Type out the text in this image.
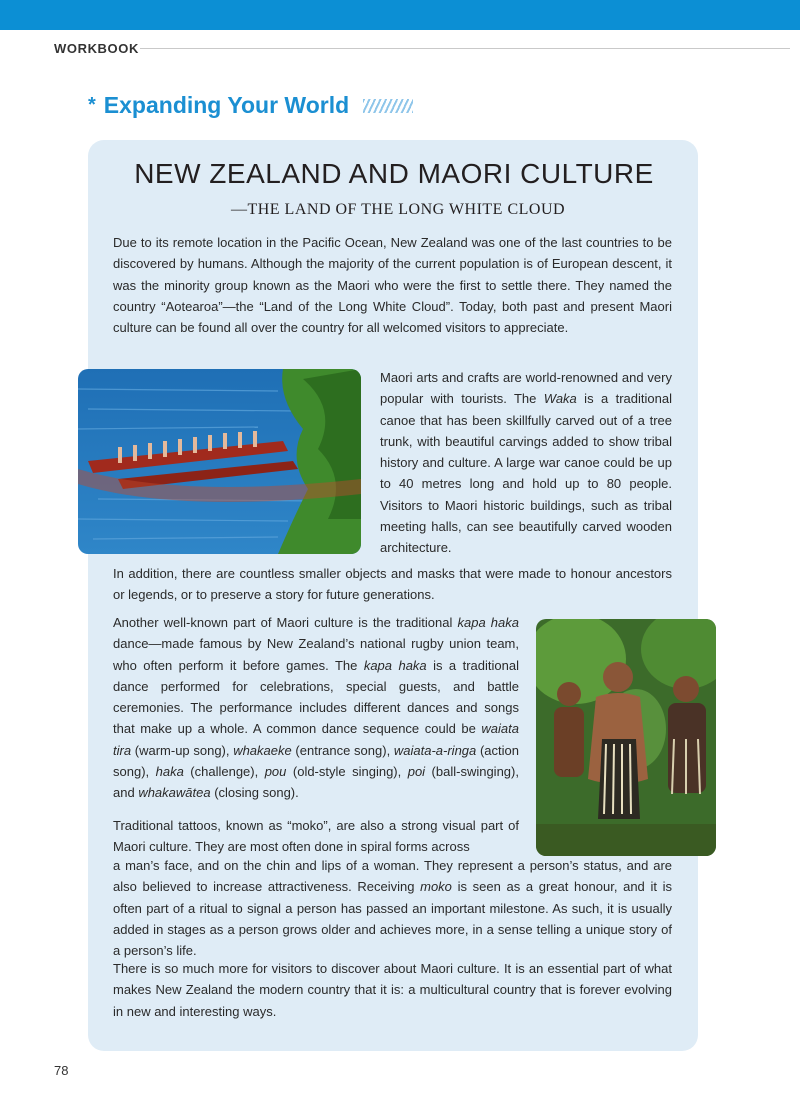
WORKBOOK
* Expanding Your World
NEW ZEALAND AND MAORI CULTURE
—THE LAND OF THE LONG WHITE CLOUD
Due to its remote location in the Pacific Ocean, New Zealand was one of the last countries to be discovered by humans. Although the majority of the current population is of European descent, it was the minority group known as the Maori who were the first to settle there. They named the country “Aotearoa”—the “Land of the Long White Cloud”. Today, both past and present Maori culture can be found all over the country for all welcomed visitors to appreciate.
Maori arts and crafts are world-renowned and very popular with tourists. The Waka is a traditional canoe that has been skillfully carved out of a tree trunk, with beautiful carvings added to show tribal history and culture. A large war canoe could be up to 40 metres long and hold up to 80 people. Visitors to Maori historic buildings, such as tribal meeting halls, can see beautifully carved wooden architecture.
In addition, there are countless smaller objects and masks that were made to honour ancestors or legends, or to preserve a story for future generations.
Another well-known part of Maori culture is the traditional kapa haka dance—made famous by New Zealand’s national rugby union team, who often perform it before games. The kapa haka is a traditional dance performed for celebrations, special guests, and battle ceremonies. The performance includes different dances and songs that make up a whole. A common dance sequence could be waiata tira (warm-up song), whakaeke (entrance song), waiata-a-ringa (action song), haka (challenge), pou (old-style singing), poi (ball-swinging), and whakawātea (closing song).
Traditional tattoos, known as “moko”, are also a strong visual part of Maori culture. They are most often done in spiral forms across
a man’s face, and on the chin and lips of a woman. They represent a person’s status, and are also believed to increase attractiveness. Receiving moko is seen as a great honour, and it is often part of a ritual to signal a person has passed an important milestone. As such, it is usually added in stages as a person grows older and achieves more, in a sense telling a unique story of a person’s life.
There is so much more for visitors to discover about Maori culture. It is an essential part of what makes New Zealand the modern country that it is: a multicultural country that is forever evolving in new and interesting ways.
78
